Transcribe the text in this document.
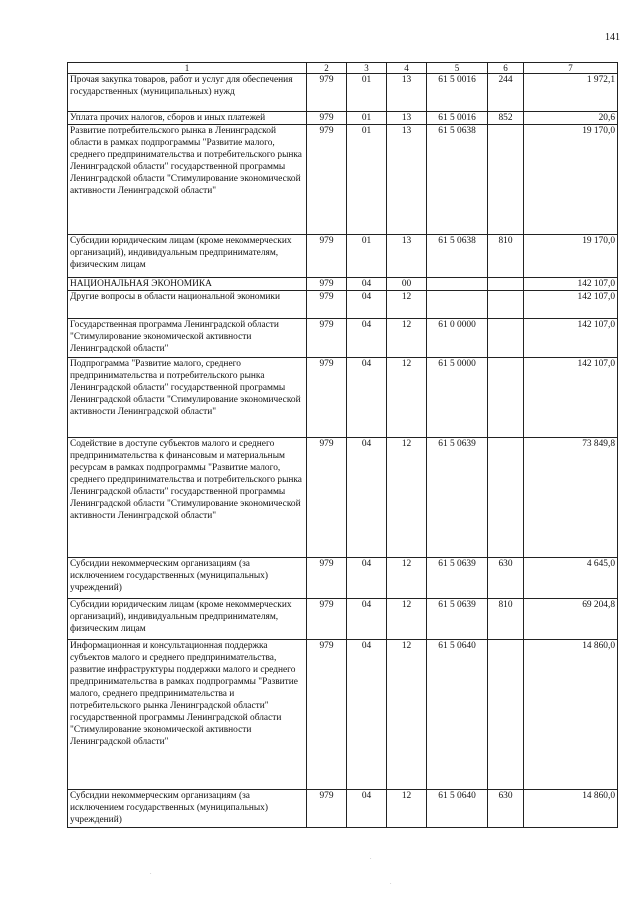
141
1	2	3	4	5	6	7
Прочая закупка товаров, работ и услуг для обеспечения государственных (муниципальных) нужд	979	01	13	61 5 0016	244	1 972,1
Уплата прочих налогов, сборов и иных платежей	979	01	13	61 5 0016	852	20,6
Развитие потребительского рынка в Ленинградской области в рамках подпрограммы "Развитие малого, среднего предпринимательства и потребительского рынка Ленинградской области" государственной программы Ленинградской области "Стимулирование экономической активности Ленинградской области"	979	01	13	61 5 0638		19 170,0
Субсидии юридическим лицам (кроме некоммерческих организаций), индивидуальным предпринимателям, физическим лицам	979	01	13	61 5 0638	810	19 170,0
НАЦИОНАЛЬНАЯ ЭКОНОМИКА	979	04	00			142 107,0
Другие вопросы в области национальной экономики	979	04	12			142 107,0
Государственная программа Ленинградской области "Стимулирование экономической активности Ленинградской области"	979	04	12	61 0 0000		142 107,0
Подпрограмма "Развитие малого, среднего предпринимательства и потребительского рынка Ленинградской области" государственной программы Ленинградской области "Стимулирование экономической активности Ленинградской области"	979	04	12	61 5 0000		142 107,0
Содействие в доступе субъектов малого и среднего предпринимательства к финансовым и материальным ресурсам в рамках подпрограммы "Развитие малого, среднего предпринимательства и потребительского рынка Ленинградской области" государственной программы Ленинградской области "Стимулирование экономической активности Ленинградской области"	979	04	12	61 5 0639		73 849,8
Субсидии некоммерческим организациям (за исключением государственных (муниципальных) учреждений)	979	04	12	61 5 0639	630	4 645,0
Субсидии юридическим лицам (кроме некоммерческих организаций), индивидуальным предпринимателям, физическим лицам	979	04	12	61 5 0639	810	69 204,8
Информационная и консультационная поддержка субъектов малого и среднего предпринимательства, развитие инфраструктуры поддержки малого и среднего предпринимательства в рамках подпрограммы "Развитие малого, среднего предпринимательства и потребительского рынка Ленинградской области" государственной программы Ленинградской области "Стимулирование экономической активности Ленинградской области"	979	04	12	61 5 0640		14 860,0
Субсидии некоммерческим организациям (за исключением государственных (муниципальных) учреждений)	979	04	12	61 5 0640	630	14 860,0
.
.
.
